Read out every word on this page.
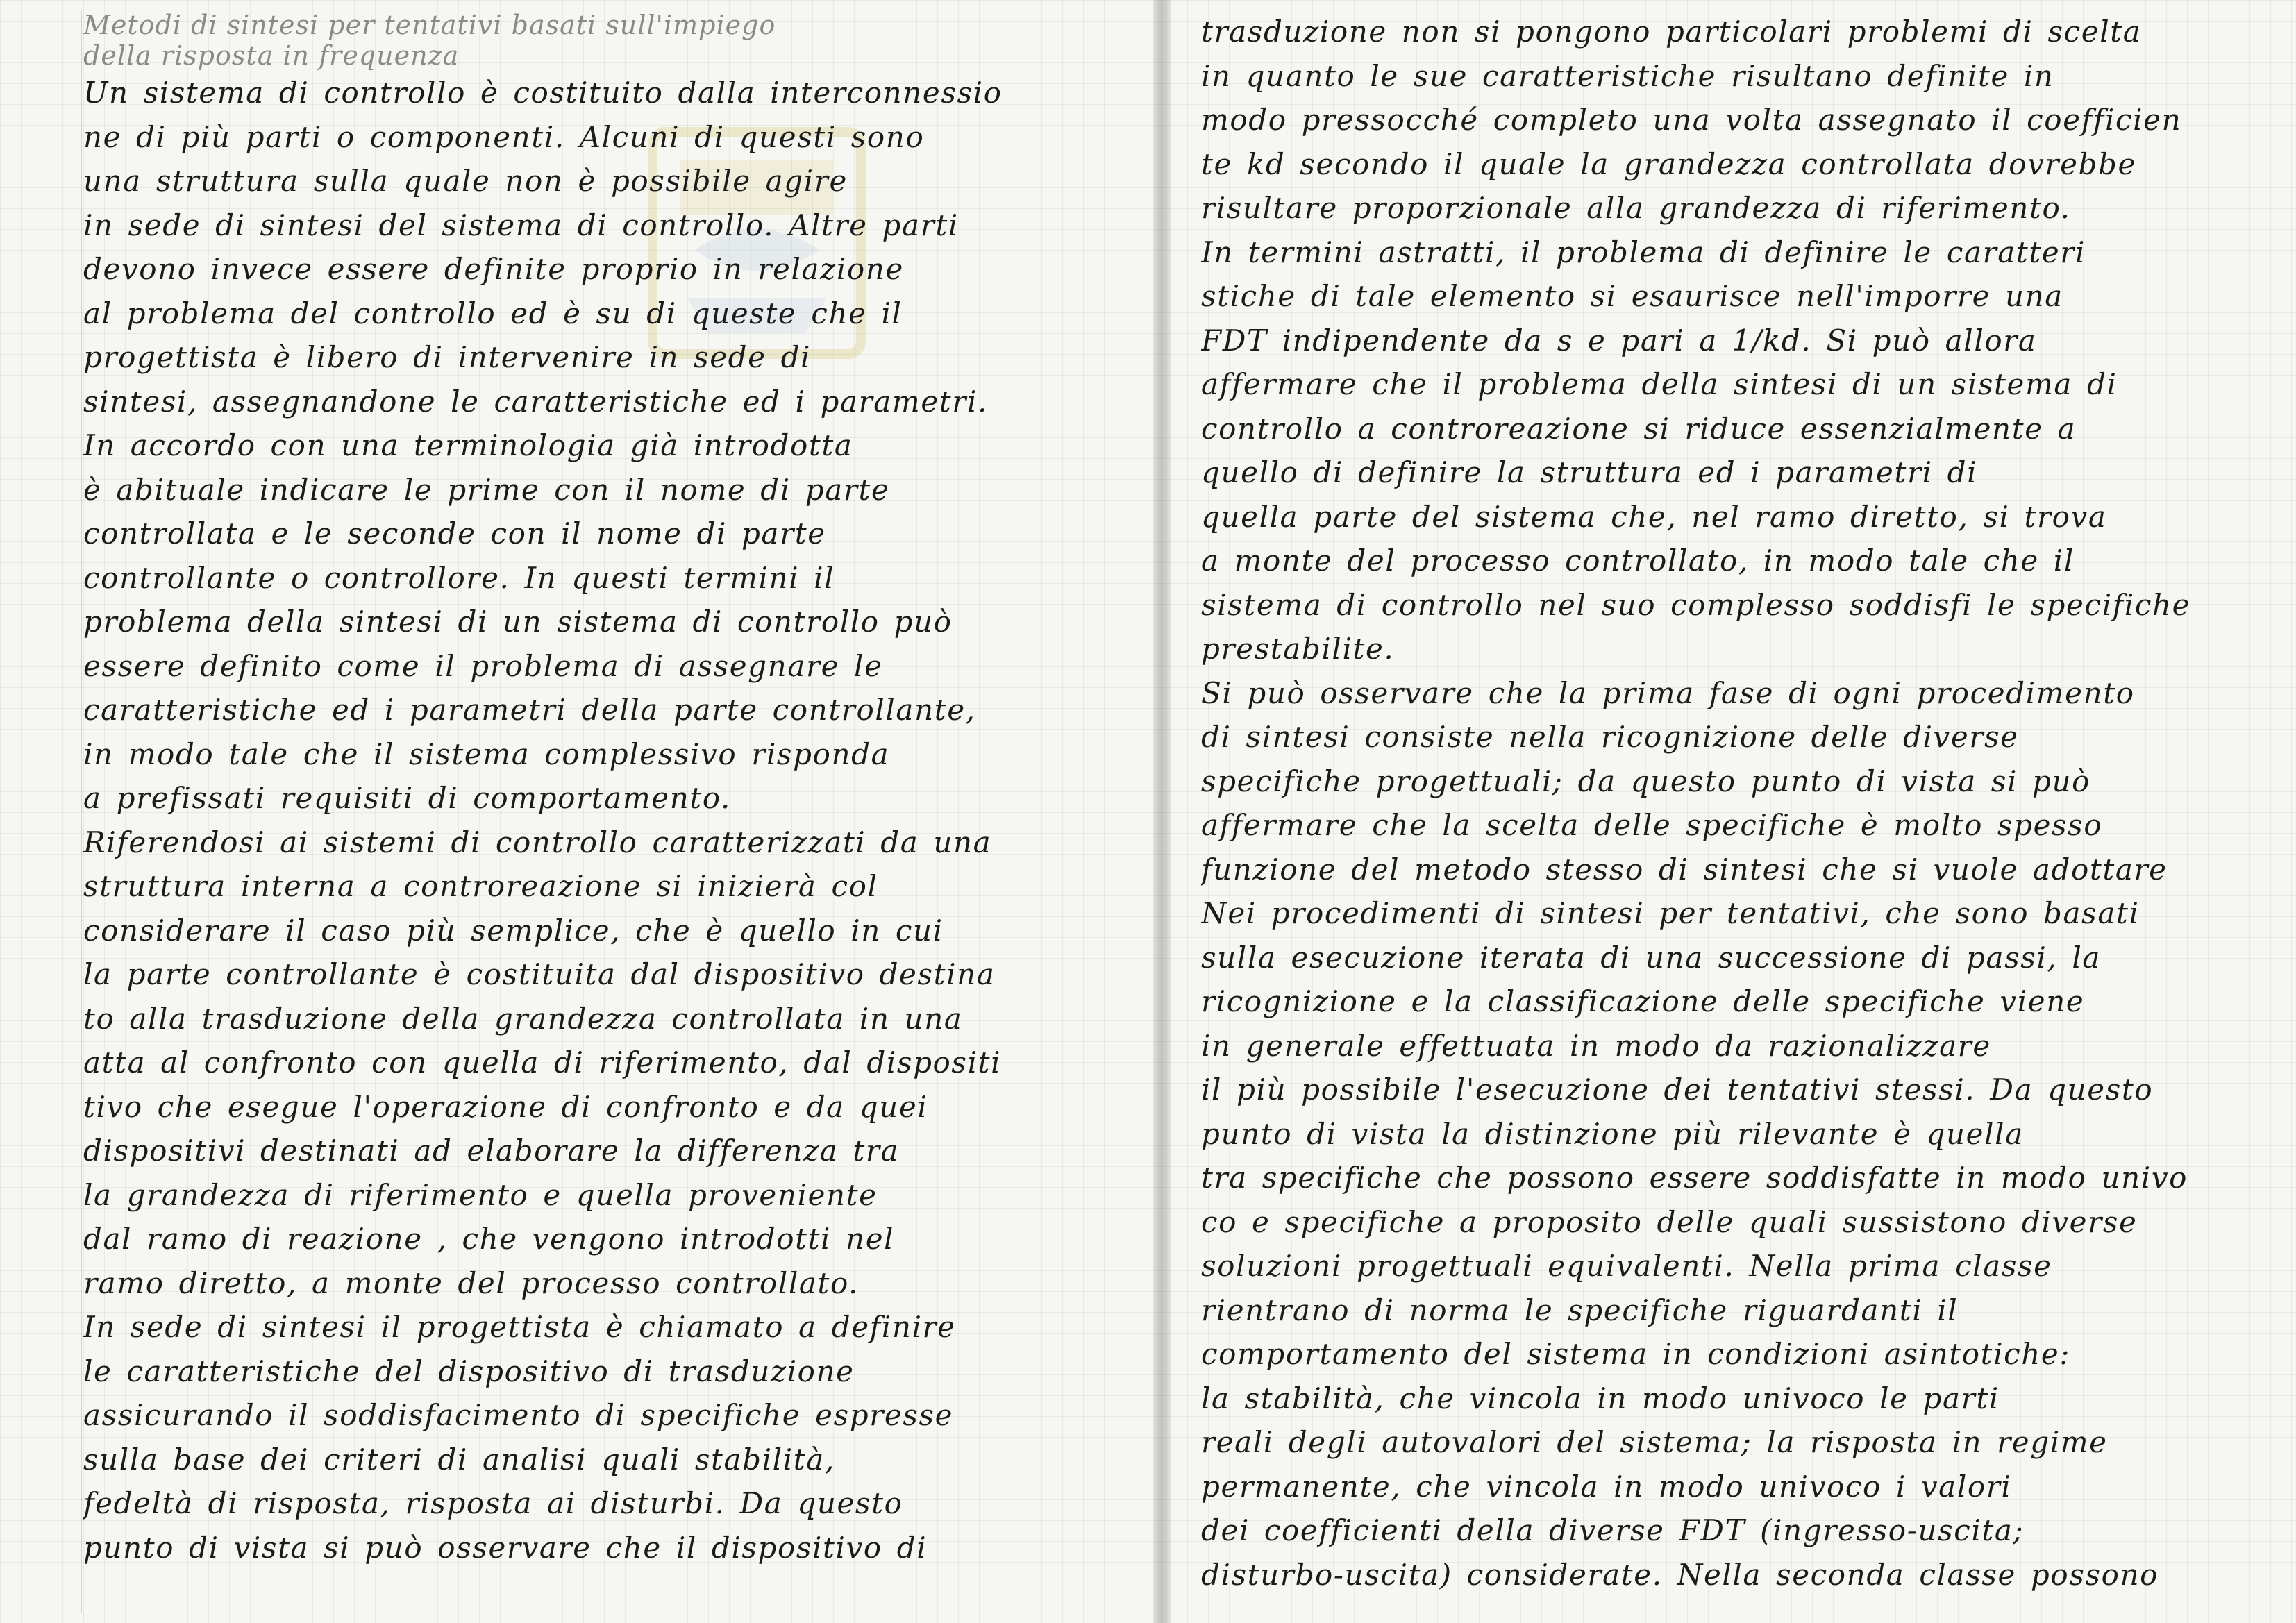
Metodi di sintesi per tentativi basati sull'impiego

della risposta in frequenza

Un sistema di controllo è costituito dalla interconnessio
ne di più parti o componenti. Alcuni di questi sono
una struttura sulla quale non è possibile agire
in sede di sintesi del sistema di controllo. Altre parti
devono invece essere definite proprio in relazione
al problema del controllo ed è su di queste che il
progettista è libero di intervenire in sede di
sintesi, assegnandone le caratteristiche ed i parametri.
In accordo con una terminologia già introdotta
è abituale indicare le prime con il nome di parte
controllata e le seconde con il nome di parte
controllante o controllore. In questi termini il
problema della sintesi di un sistema di controllo può
essere definito come il problema di assegnare le
caratteristiche ed i parametri della parte controllante,
in modo tale che il sistema complessivo risponda
a prefissati requisiti di comportamento.
Riferendosi ai sistemi di controllo caratterizzati da una
struttura interna a controreazione si inizierà col
considerare il caso più semplice, che è quello in cui
la parte controllante è costituita dal dispositivo destina
to alla trasduzione della grandezza controllata in una
atta al confronto con quella di riferimento, dal dispositi
tivo che esegue l'operazione di confronto e da quei
dispositivi destinati ad elaborare la differenza tra
la grandezza di riferimento e quella proveniente
dal ramo di reazione , che vengono introdotti nel
ramo diretto, a monte del processo controllato.
In sede di sintesi il progettista è chiamato a definire
le caratteristiche del dispositivo di trasduzione
assicurando il soddisfacimento di specifiche espresse
sulla base dei criteri di analisi quali stabilità,
fedeltà di risposta, risposta ai disturbi. Da questo
punto di vista si può osservare che il dispositivo di
trasduzione non si pongono particolari problemi di scelta
in quanto le sue caratteristiche risultano definite in
modo pressocché completo una volta assegnato il coefficien
te kd secondo il quale la grandezza controllata dovrebbe
risultare proporzionale alla grandezza di riferimento.
In termini astratti, il problema di definire le caratteri
stiche di tale elemento si esaurisce nell'imporre una
FDT indipendente da s e pari a 1/kd. Si può allora
affermare che il problema della sintesi di un sistema di
controllo a controreazione si riduce essenzialmente a
quello di definire la struttura ed i parametri di
quella parte del sistema che, nel ramo diretto, si trova
a monte del processo controllato, in modo tale che il
sistema di controllo nel suo complesso soddisfi le specifiche
prestabilite.
Si può osservare che la prima fase di ogni procedimento
di sintesi consiste nella ricognizione delle diverse
specifiche progettuali; da questo punto di vista si può
affermare che la scelta delle specifiche è molto spesso
funzione del metodo stesso di sintesi che si vuole adottare
Nei procedimenti di sintesi per tentativi, che sono basati
sulla esecuzione iterata di una successione di passi, la
ricognizione e la classificazione delle specifiche viene
in generale effettuata in modo da razionalizzare
il più possibile l'esecuzione dei tentativi stessi. Da questo
punto di vista la distinzione più rilevante è quella
tra specifiche che possono essere soddisfatte in modo univo
co e specifiche a proposito delle quali sussistono diverse
soluzioni progettuali equivalenti. Nella prima classe
rientrano di norma le specifiche riguardanti il
comportamento del sistema in condizioni asintotiche:
la stabilità, che vincola in modo univoco le parti
reali degli autovalori del sistema; la risposta in regime
permanente, che vincola in modo univoco i valori
dei coefficienti della diverse FDT (ingresso-uscita;
disturbo-uscita) considerate. Nella seconda classe possono
